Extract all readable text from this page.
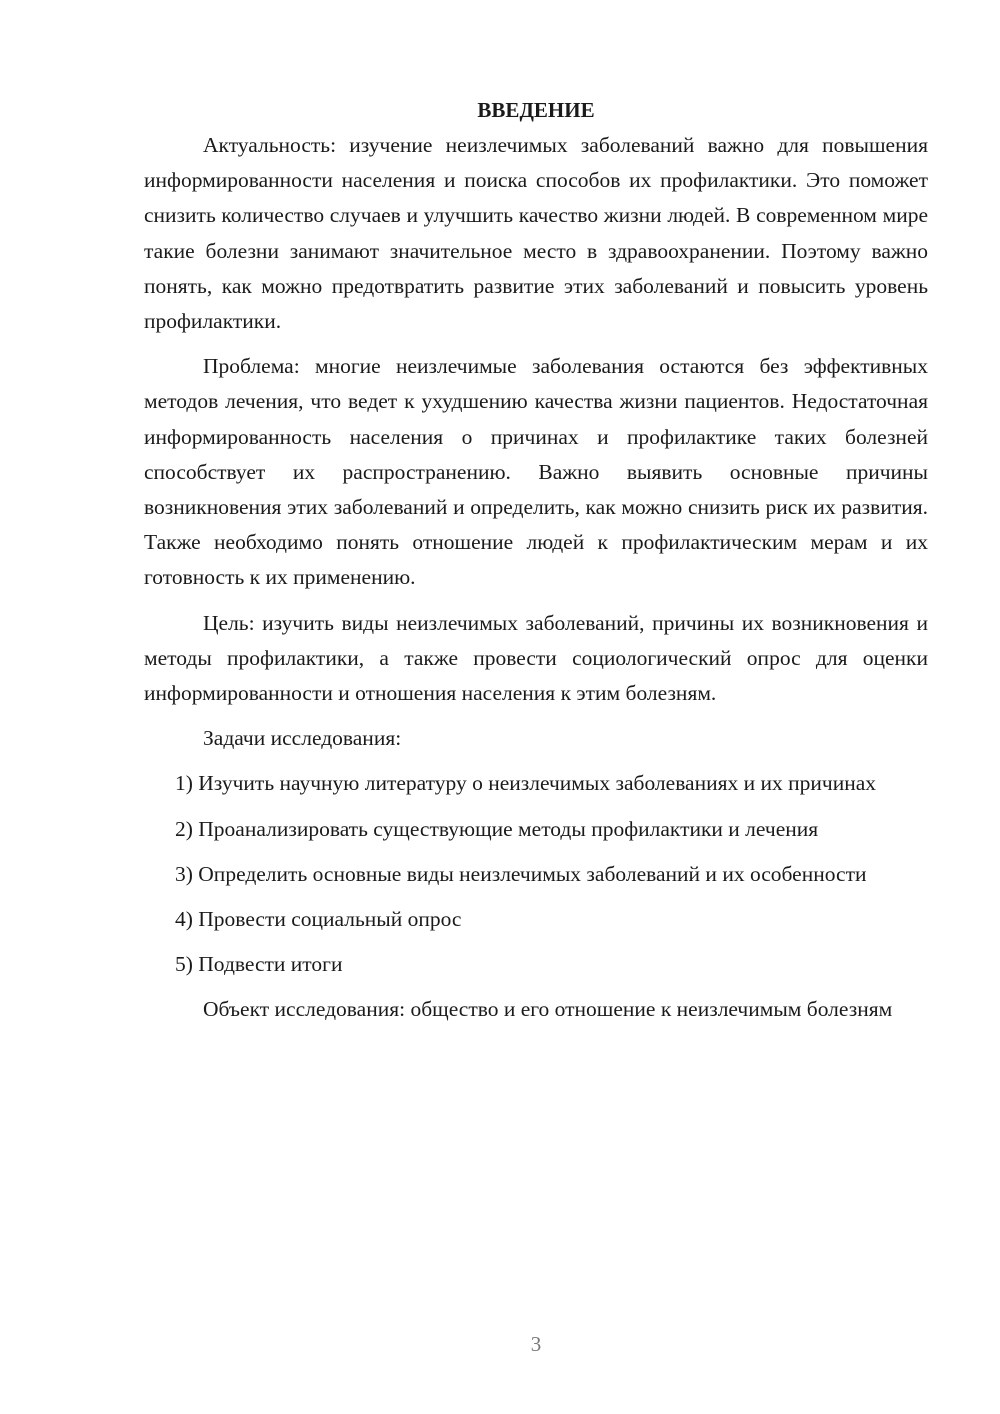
ВВЕДЕНИЕ

Актуальность: изучение неизлечимых заболеваний важно для повышения информированности населения и поиска способов их профилактики. Это поможет снизить количество случаев и улучшить качество жизни людей. В современном мире такие болезни занимают значительное место в здравоохранении. Поэтому важно понять, как можно предотвратить развитие этих заболеваний и повысить уровень профилактики.

Проблема: многие неизлечимые заболевания остаются без эффективных методов лечения, что ведет к ухудшению качества жизни пациентов. Недостаточная информированность населения о причинах и профилактике таких болезней способствует их распространению. Важно выявить основные причины возникновения этих заболеваний и определить, как можно снизить риск их развития. Также необходимо понять отношение людей к профилактическим мерам и их готовность к их применению.

Цель: изучить виды неизлечимых заболеваний, причины их возникновения и методы профилактики, а также провести социологический опрос для оценки информированности и отношения населения к этим болезням.

Задачи исследования:

1) Изучить научную литературу о неизлечимых заболеваниях и их причинах

2) Проанализировать существующие методы профилактики и лечения

3) Определить основные виды неизлечимых заболеваний и их особенности

4) Провести социальный опрос

5) Подвести итоги

Объект исследования: общество и его отношение к неизлечимым болезням

3
